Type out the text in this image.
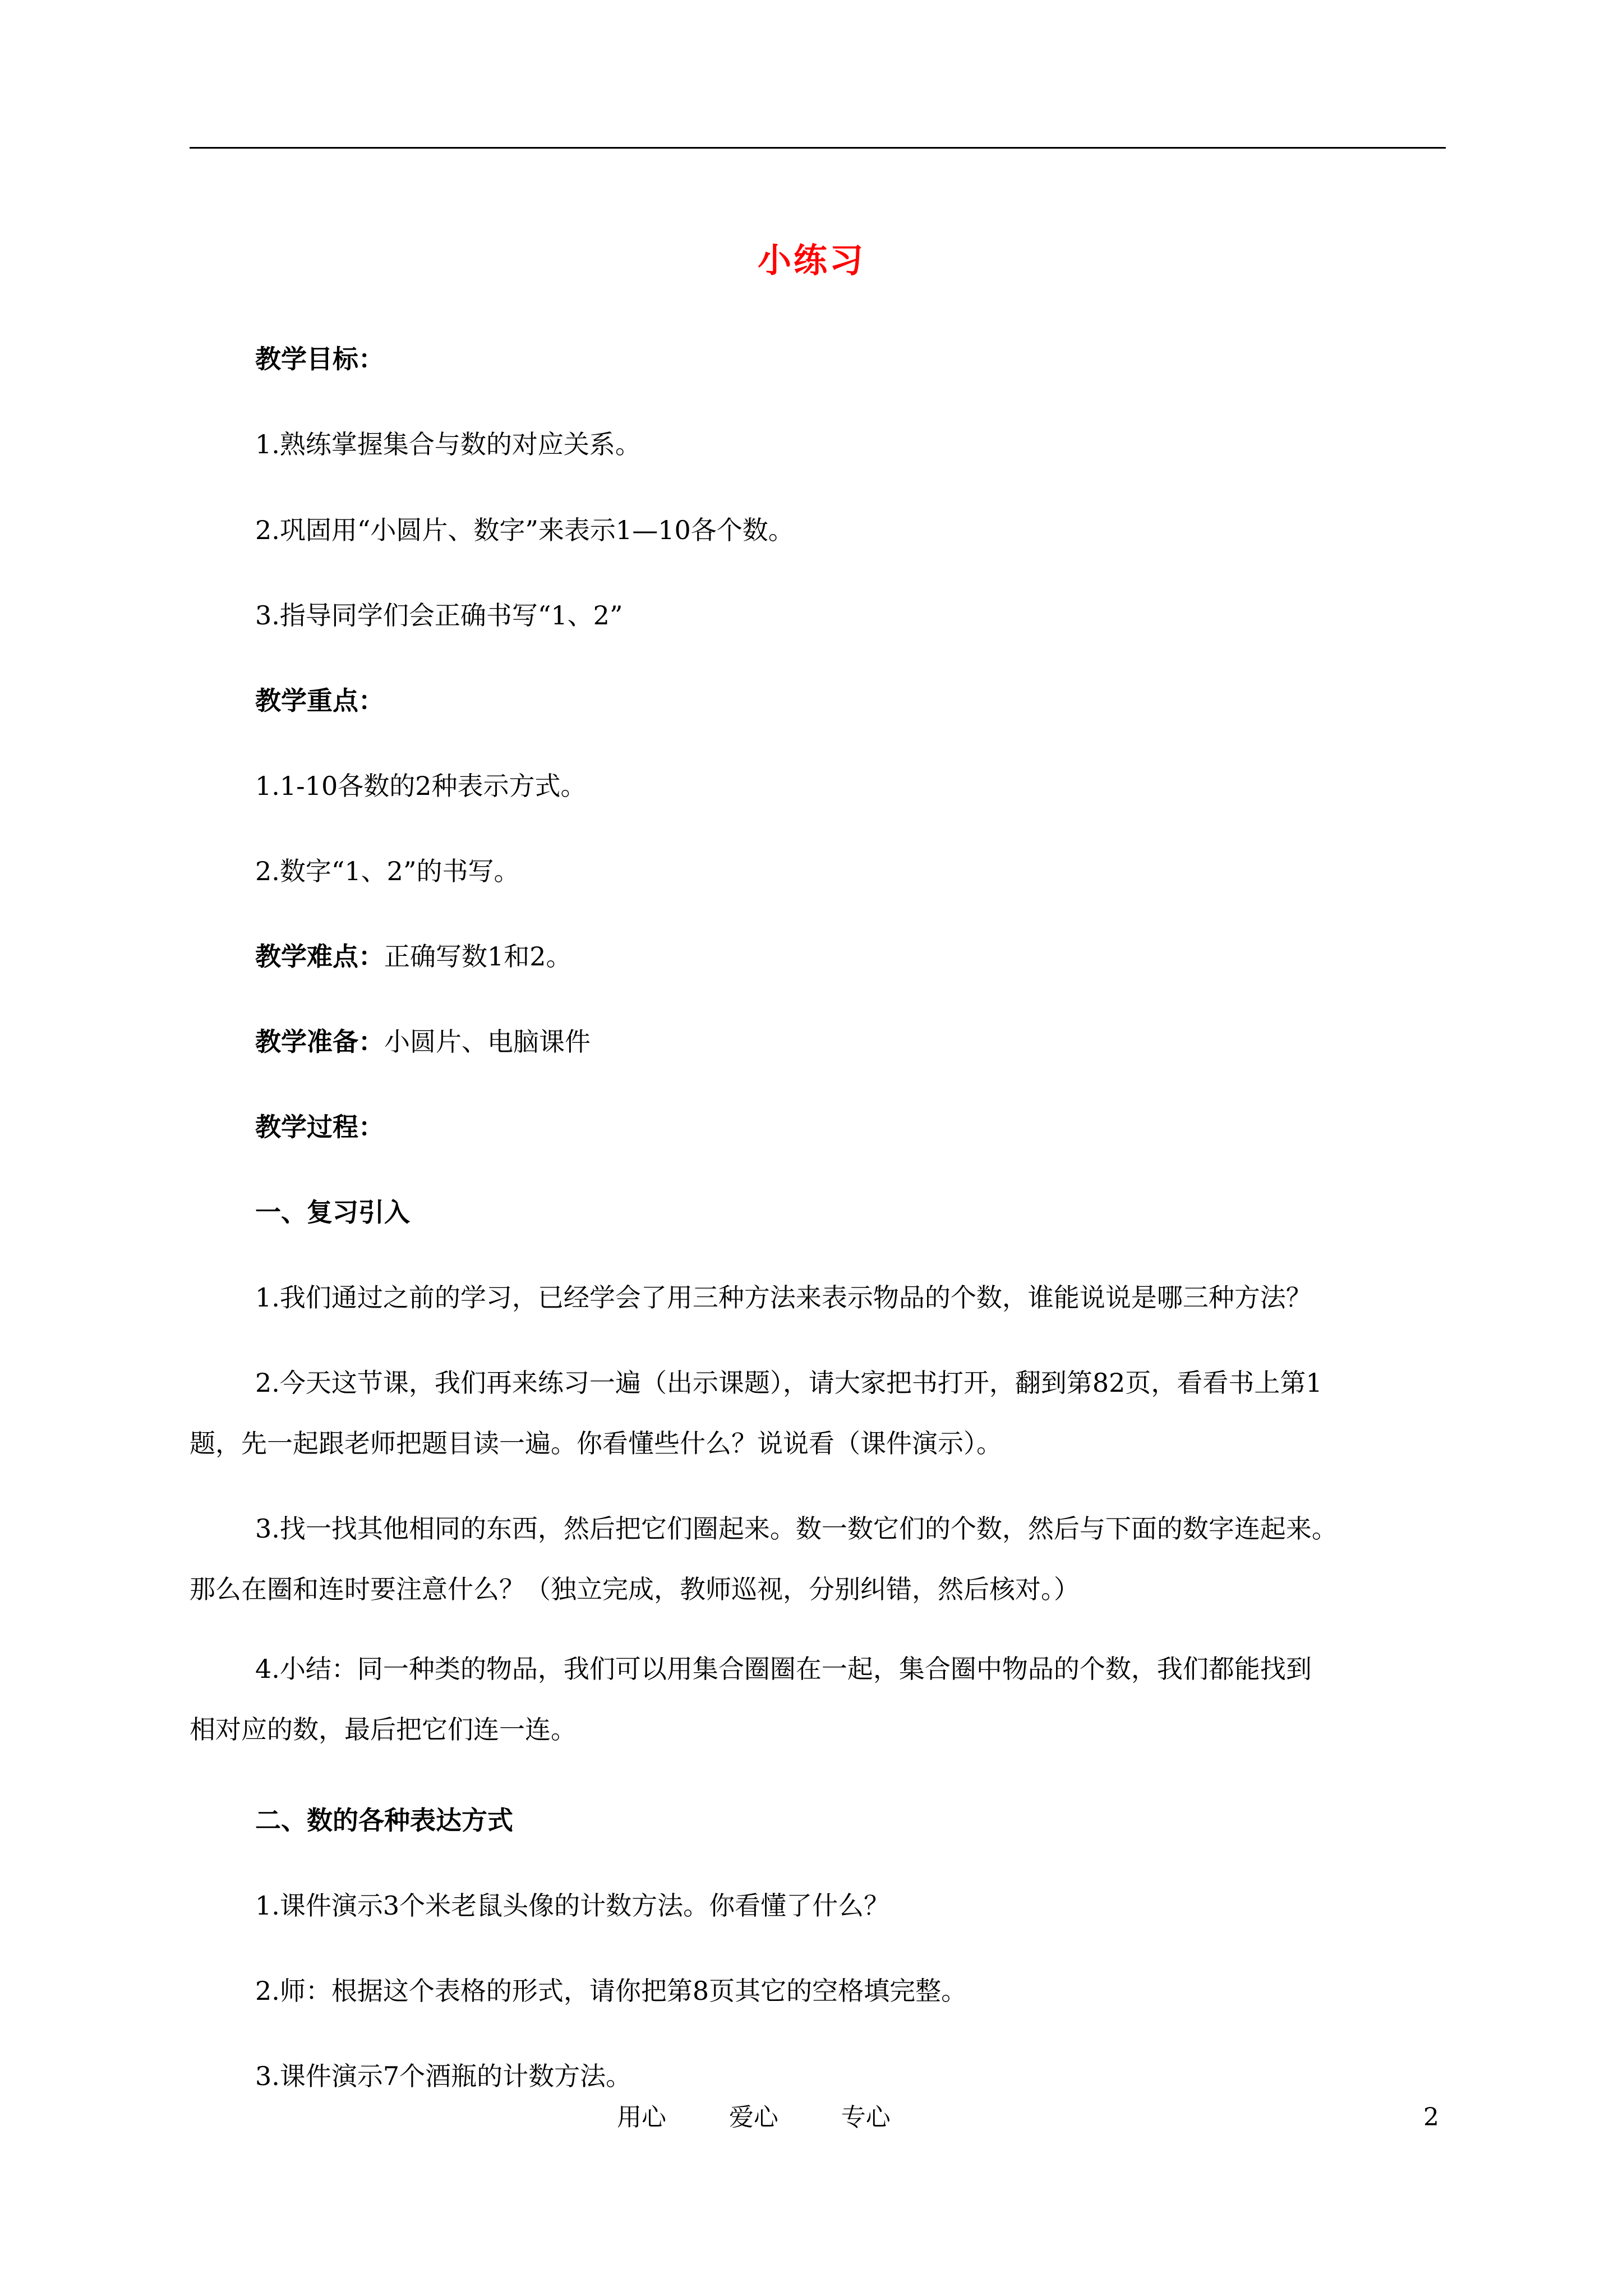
小练习
教学目标：
1.熟练掌握集合与数的对应关系。
2.巩固用“小圆片、数字”来表示1—10各个数。
3.指导同学们会正确书写“1、2”
教学重点：
1.1-10各数的2种表示方式。
2.数字“1、2”的书写。
教学难点：正确写数1和2。
教学准备：小圆片、电脑课件
教学过程：
一、复习引入
1.我们通过之前的学习，已经学会了用三种方法来表示物品的个数，谁能说说是哪三种方法？
2.今天这节课，我们再来练习一遍（出示课题），请大家把书打开，翻到第82页，看看书上第1
题，先一起跟老师把题目读一遍。你看懂些什么？说说看（课件演示）。
3.找一找其他相同的东西，然后把它们圈起来。数一数它们的个数，然后与下面的数字连起来。
那么在圈和连时要注意什么？（独立完成，教师巡视，分别纠错，然后核对。）
4.小结：同一种类的物品，我们可以用集合圈圈在一起，集合圈中物品的个数，我们都能找到
相对应的数，最后把它们连一连。
二、数的各种表达方式
1.课件演示3个米老鼠头像的计数方法。你看懂了什么？
2.师：根据这个表格的形式，请你把第8页其它的空格填完整。
3.课件演示7个酒瓶的计数方法。
用心	爱心	专心	2
